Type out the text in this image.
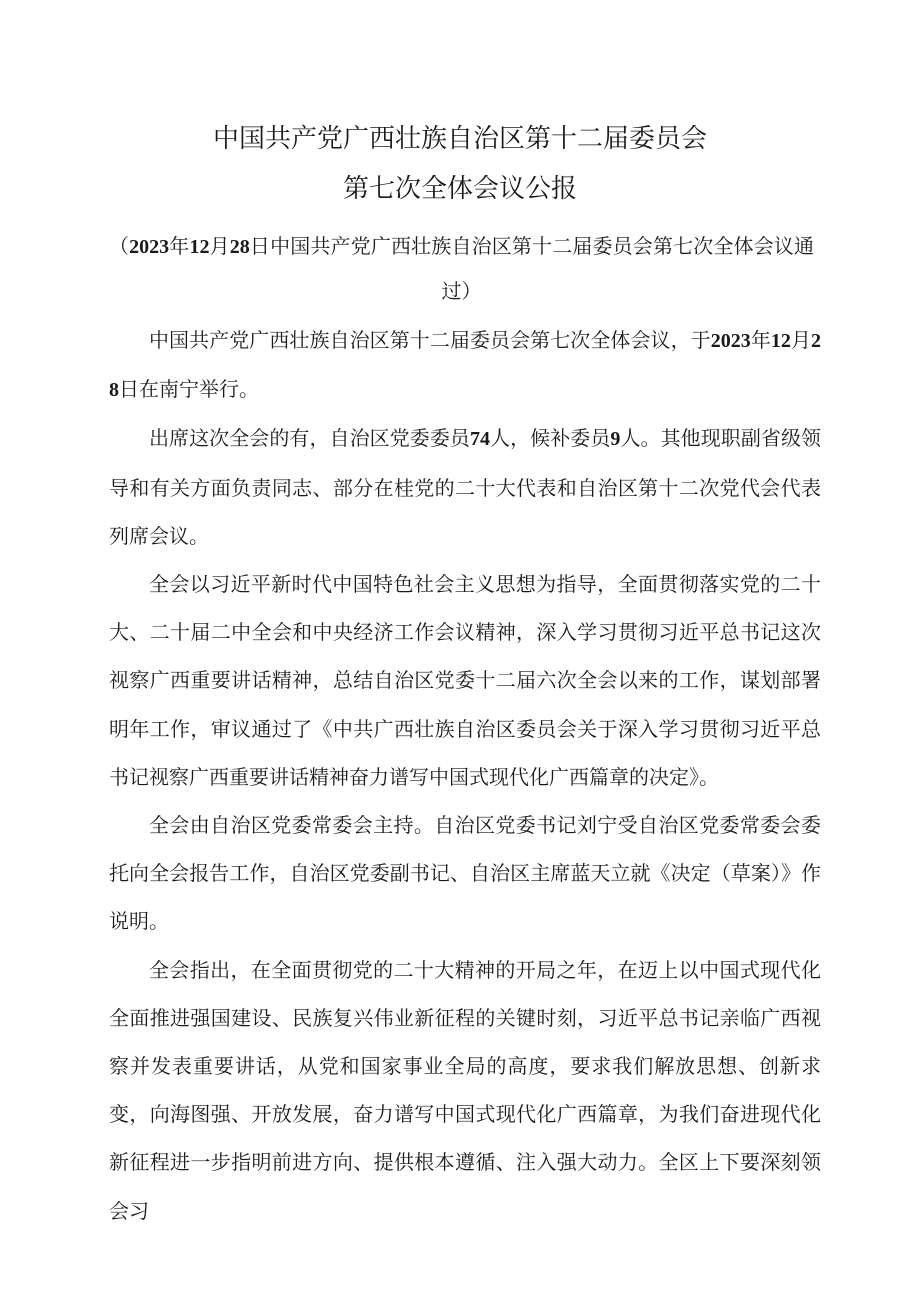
中国共产党广西壮族自治区第十二届委员会
第七次全体会议公报
（2023年12月28日中国共产党广西壮族自治区第十二届委员会第七次全体会议通过）

中国共产党广西壮族自治区第十二届委员会第七次全体会议，于2023年12月28日在南宁举行。

出席这次全会的有，自治区党委委员74人，候补委员9人。其他现职副省级领导和有关方面负责同志、部分在桂党的二十大代表和自治区第十二次党代会代表列席会议。

全会以习近平新时代中国特色社会主义思想为指导，全面贯彻落实党的二十大、二十届二中全会和中央经济工作会议精神，深入学习贯彻习近平总书记这次视察广西重要讲话精神，总结自治区党委十二届六次全会以来的工作，谋划部署明年工作，审议通过了《中共广西壮族自治区委员会关于深入学习贯彻习近平总书记视察广西重要讲话精神奋力谱写中国式现代化广西篇章的决定》。

全会由自治区党委常委会主持。自治区党委书记刘宁受自治区党委常委会委托向全会报告工作，自治区党委副书记、自治区主席蓝天立就《决定（草案）》作说明。

全会指出，在全面贯彻党的二十大精神的开局之年，在迈上以中国式现代化全面推进强国建设、民族复兴伟业新征程的关键时刻，习近平总书记亲临广西视察并发表重要讲话，从党和国家事业全局的高度，要求我们解放思想、创新求变，向海图强、开放发展，奋力谱写中国式现代化广西篇章，为我们奋进现代化新征程进一步指明前进方向、提供根本遵循、注入强大动力。全区上下要深刻领会习
